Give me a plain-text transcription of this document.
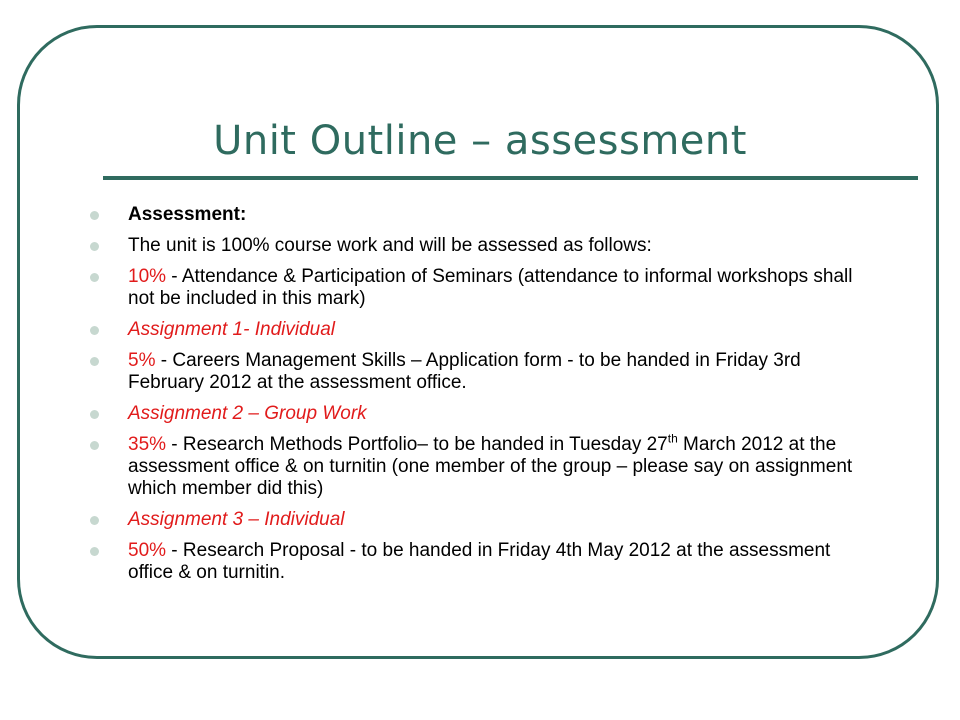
Unit Outline – assessment
Assessment:
The unit is 100% course work and will be assessed as follows:
10% - Attendance & Participation of Seminars (attendance to informal workshops shall not be included in this mark)
Assignment 1- Individual
5% - Careers Management Skills – Application form - to be handed in Friday 3rd February 2012 at the assessment office.
Assignment 2 – Group Work
35% - Research Methods Portfolio– to be handed in Tuesday 27th March 2012 at the assessment office & on turnitin (one member of the group – please say on assignment which member did this)
Assignment 3 – Individual
50% - Research Proposal - to be handed in Friday 4th May 2012 at the assessment office & on turnitin.
